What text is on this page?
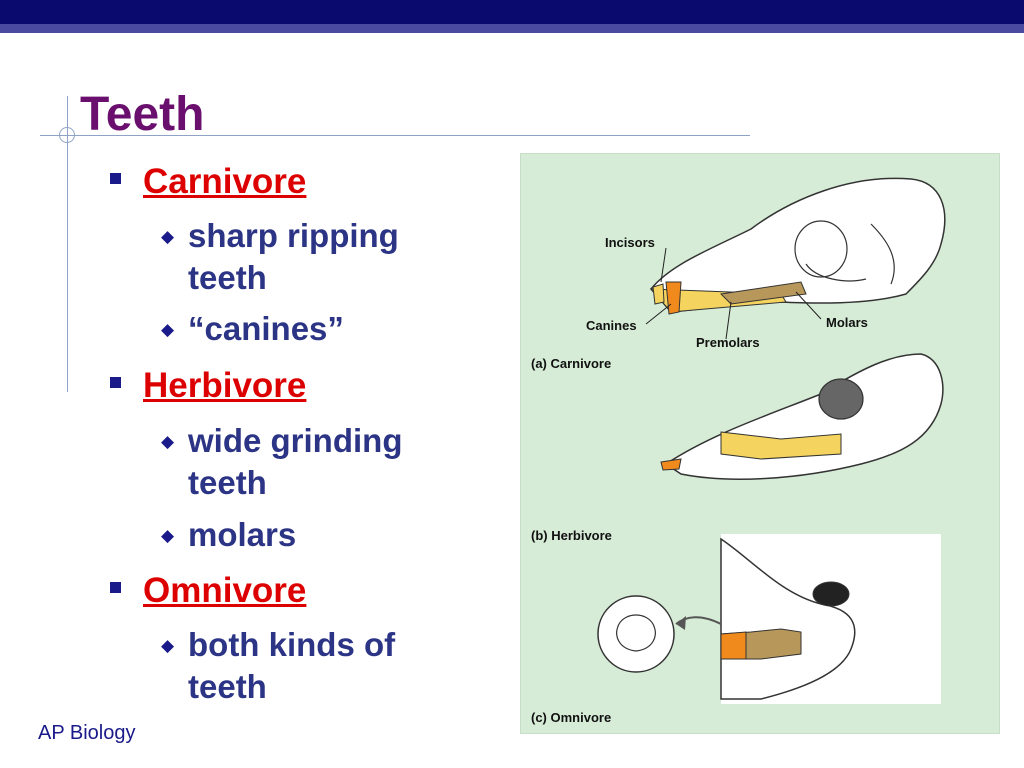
Teeth
Carnivore
◆ sharp ripping
teeth
◆ “canines”
Herbivore
◆ wide grinding
teeth
◆ molars
Omnivore
◆ both kinds of
teeth
AP Biology
Incisors
Canines
Premolars
Molars
(a) Carnivore
(b) Herbivore
(c) Omnivore
